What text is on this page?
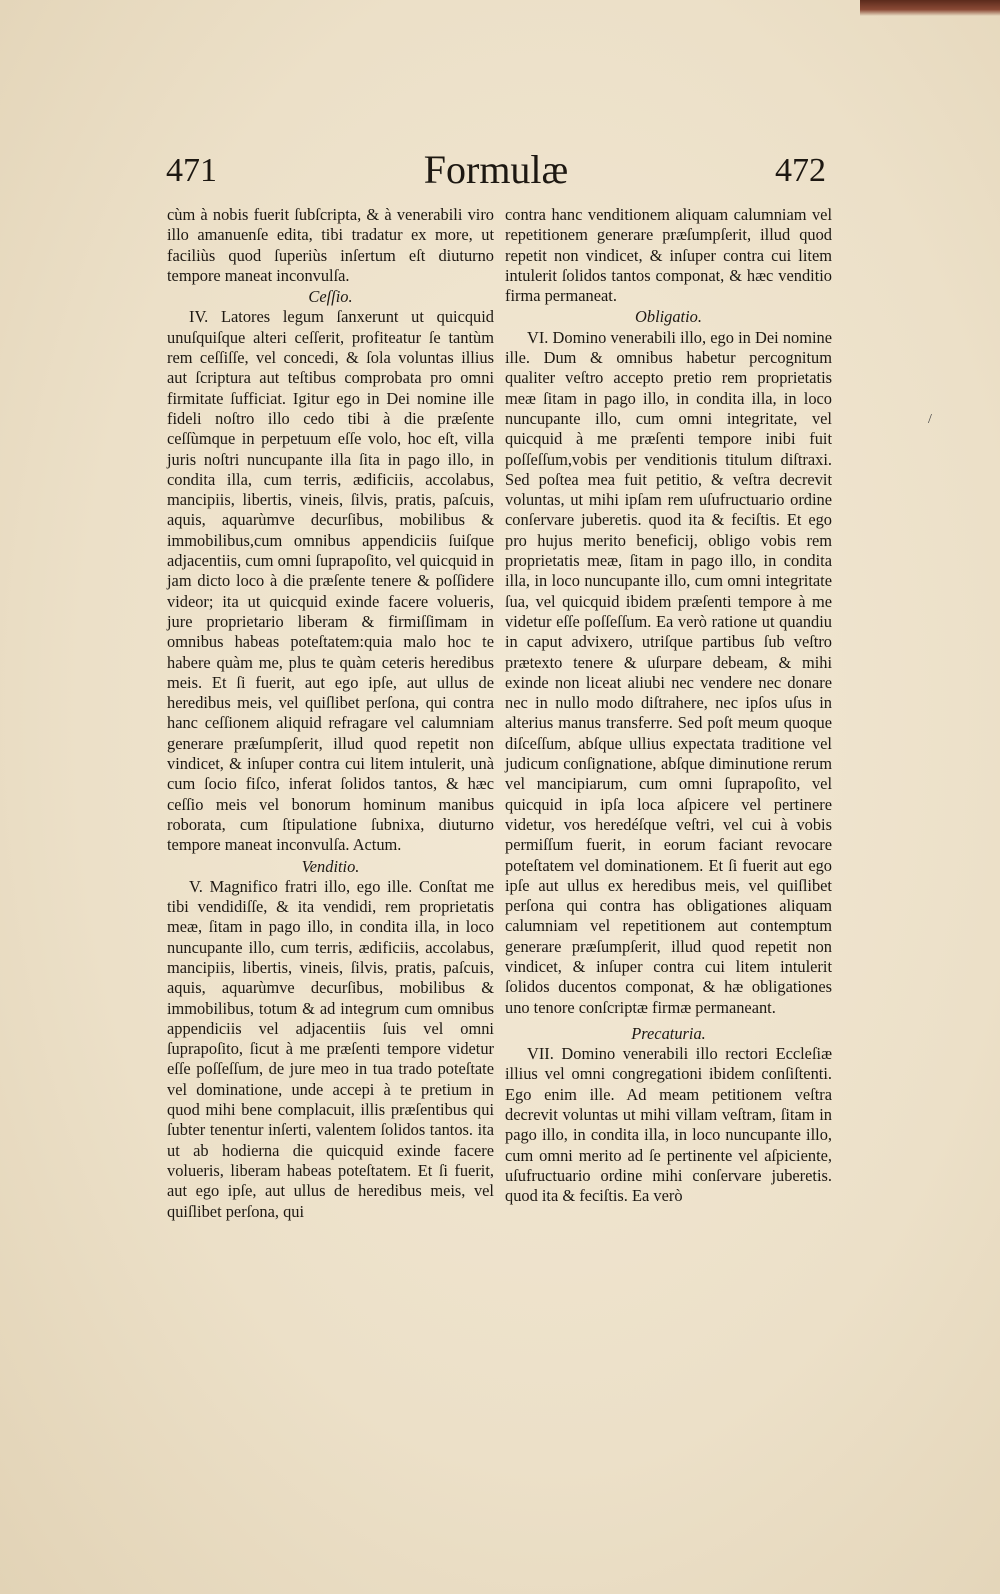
471	Formulæ	472

cùm à nobis fuerit ſubſcripta, & à venerabili viro illo amanuenſe edita, tibi tradatur ex more, ut faciliùs quod ſuperiùs inſertum eſt diuturno tempore maneat inconvulſa.

Ceſſio.

IV. Latores legum ſanxerunt ut quicquid unuſquiſque alteri ceſſerit, profiteatur ſe tantùm rem ceſſiſſe, vel concedi, & ſola voluntas illius aut ſcriptura aut teſtibus comprobata pro omni firmitate ſufficiat. Igitur ego in Dei nomine ille fideli noſtro illo cedo tibi à die præſente ceſſùmque in perpetuum eſſe volo, hoc eſt, villa juris noſtri nuncupante illa ſita in pago illo, in condita illa, cum terris, ædificiis, accolabus, mancipiis, libertis, vineis, ſilvis, pratis, paſcuis, aquis, aquarùmve decurſibus, mobilibus & immobilibus,cum omnibus appendiciis ſuiſque adjacentiis, cum omni ſuprapoſito, vel quicquid in jam dicto loco à die præſente tenere & poſſidere videor; ita ut quicquid exinde facere volueris, jure proprietario liberam & firmiſſimam in omnibus habeas poteſtatem:quia malo hoc te habere quàm me, plus te quàm ceteris heredibus meis. Et ſi fuerit, aut ego ipſe, aut ullus de heredibus meis, vel quiſlibet perſona, qui contra hanc ceſſionem aliquid refragare vel calumniam generare præſumpſerit, illud quod repetit non vindicet, & inſuper contra cui litem intulerit, unà cum ſocio fiſco, inferat ſolidos tantos, & hæc ceſſio meis vel bonorum hominum manibus roborata, cum ſtipulatione ſubnixa, diuturno tempore maneat inconvulſa. Actum.

Venditio.

V. Magnifico fratri illo, ego ille. Conſtat me tibi vendidiſſe, & ita vendidi, rem proprietatis meæ, ſitam in pago illo, in condita illa, in loco nuncupante illo, cum terris, ædificiis, accolabus, mancipiis, libertis, vineis, ſilvis, pratis, paſcuis, aquis, aquarùmve decurſibus, mobilibus & immobilibus, totum & ad integrum cum omnibus appendiciis vel adjacentiis ſuis vel omni ſuprapoſito, ſicut à me præſenti tempore videtur eſſe poſſeſſum, de jure meo in tua trado poteſtate vel dominatione, unde accepi à te pretium in quod mihi bene complacuit, illis præſentibus qui ſubter tenentur inſerti, valentem ſolidos tantos. ita ut ab hodierna die quicquid exinde facere volueris, liberam habeas poteſtatem. Et ſi fuerit, aut ego ipſe, aut ullus de heredibus meis, vel quiſlibet perſona, qui

contra hanc venditionem aliquam calumniam vel repetitionem generare præſumpſerit, illud quod repetit non vindicet, & inſuper contra cui litem intulerit ſolidos tantos componat, & hæc venditio firma permaneat.

Obligatio.

VI. Domino venerabili illo, ego in Dei nomine ille. Dum & omnibus habetur percognitum qualiter veſtro accepto pretio rem proprietatis meæ ſitam in pago illo, in condita illa, in loco nuncupante illo, cum omni integritate, vel quicquid à me præſenti tempore inibi fuit poſſeſſum,vobis per venditionis titulum diſtraxi. Sed poſtea mea fuit petitio, & veſtra decrevit voluntas, ut mihi ipſam rem uſufructuario ordine conſervare juberetis. quod ita & feciſtis. Et ego pro hujus merito beneficij, obligo vobis rem proprietatis meæ, ſitam in pago illo, in condita illa, in loco nuncupante illo, cum omni integritate ſua, vel quicquid ibidem præſenti tempore à me videtur eſſe poſſeſſum. Ea verò ratione ut quandiu in caput advixero, utriſque partibus ſub veſtro prætexto tenere & uſurpare debeam, & mihi exinde non liceat aliubi nec vendere nec donare nec in nullo modo diſtrahere, nec ipſos uſus in alterius manus transferre. Sed poſt meum quoque diſceſſum, abſque ullius expectata traditione vel judicum conſignatione, abſque diminutione rerum vel mancipiarum, cum omni ſuprapoſito, vel quicquid in ipſa loca aſpicere vel pertinere videtur, vos heredéſque veſtri, vel cui à vobis permiſſum fuerit, in eorum faciant revocare poteſtatem vel dominationem. Et ſi fuerit aut ego ipſe aut ullus ex heredibus meis, vel quiſlibet perſona qui contra has obligationes aliquam calumniam vel repetitionem aut contemptum generare præſumpſerit, illud quod repetit non vindicet, & inſuper contra cui litem intulerit ſolidos ducentos componat, & hæ obligationes uno tenore conſcriptæ firmæ permaneant.

Precaturia.

VII. Domino venerabili illo rectori Eccleſiæ illius vel omni congregationi ibidem conſiſtenti. Ego enim ille. Ad meam petitionem veſtra decrevit voluntas ut mihi villam veſtram, ſitam in pago illo, in condita illa, in loco nuncupante illo, cum omni merito ad ſe pertinente vel aſpiciente, uſufructuario ordine mihi conſervare juberetis. quod ita & feciſtis. Ea verò

/
